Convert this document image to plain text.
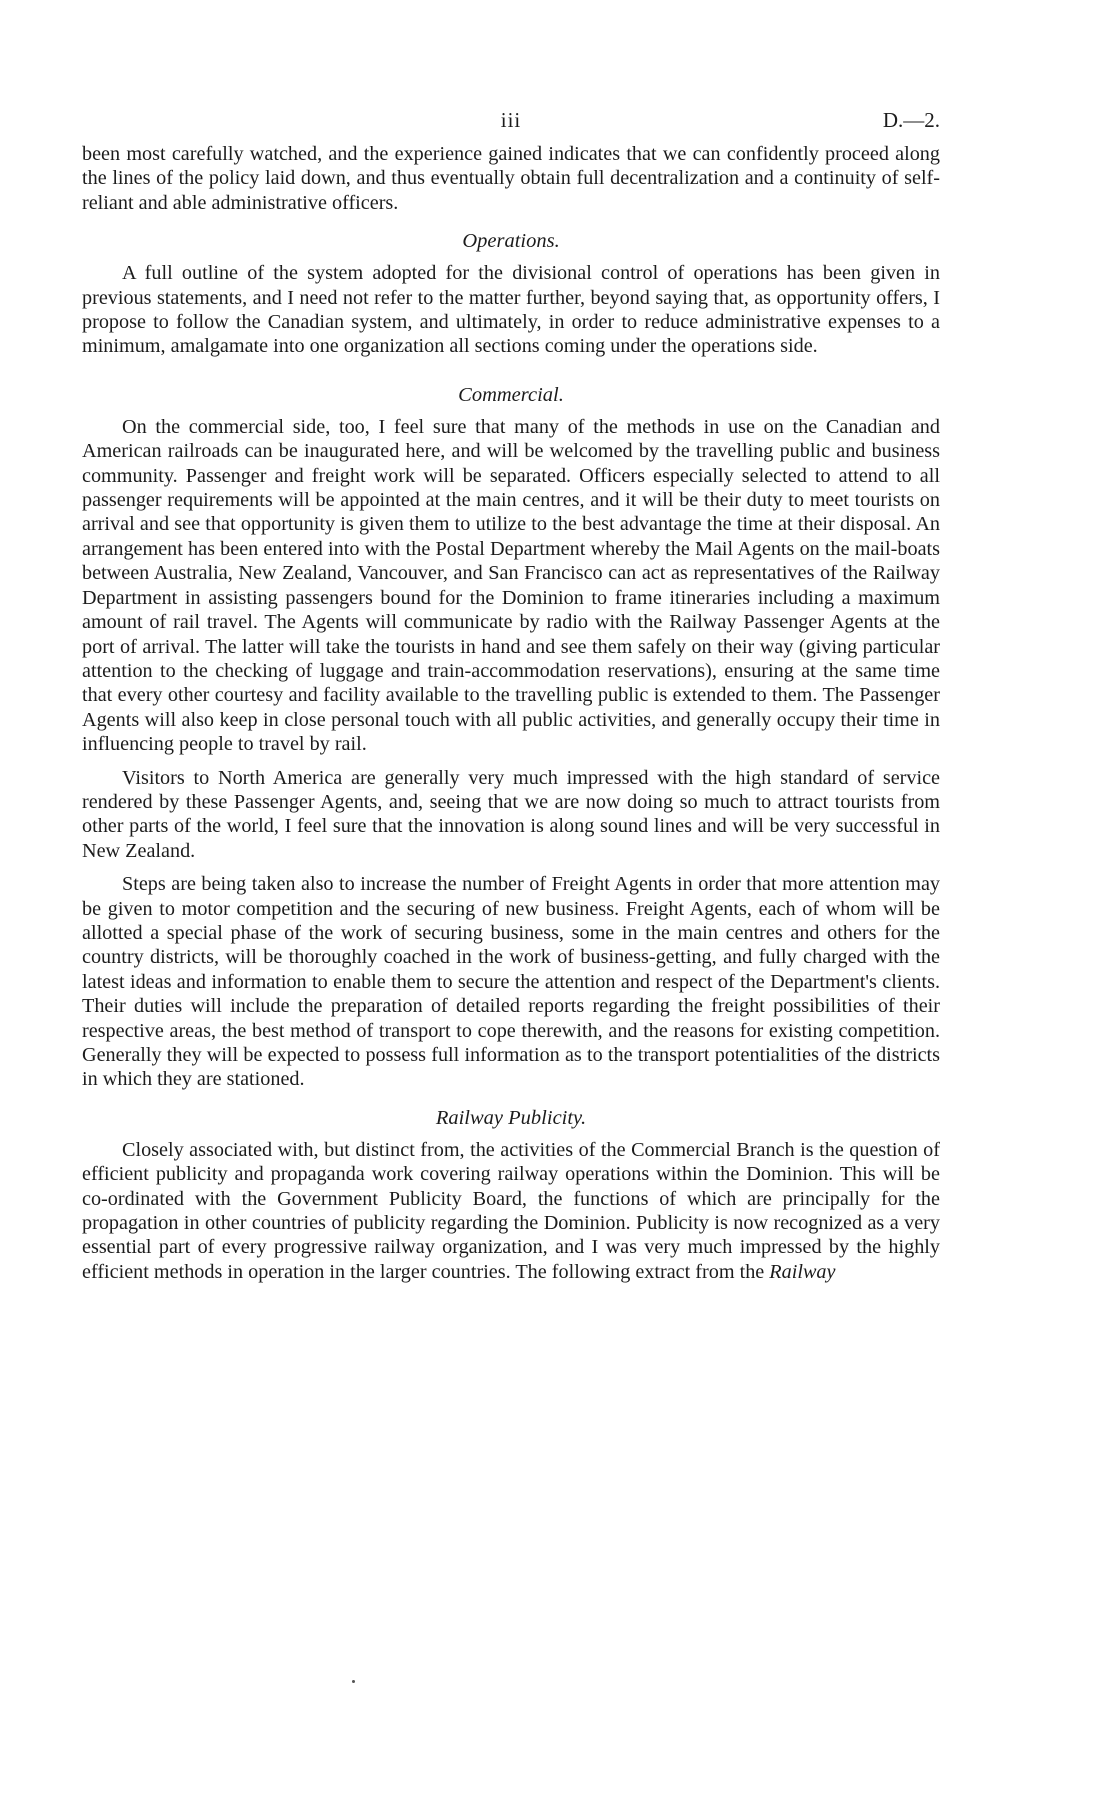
iii	D.—2.

been most carefully watched, and the experience gained indicates that we can confidently proceed along the lines of the policy laid down, and thus eventually obtain full decentralization and a continuity of self-reliant and able administrative officers.

Operations.

A full outline of the system adopted for the divisional control of operations has been given in previous statements, and I need not refer to the matter further, beyond saying that, as opportunity offers, I propose to follow the Canadian system, and ultimately, in order to reduce administrative expenses to a minimum, amalgamate into one organization all sections coming under the operations side.

Commercial.

On the commercial side, too, I feel sure that many of the methods in use on the Canadian and American railroads can be inaugurated here, and will be welcomed by the travelling public and business community. Passenger and freight work will be separated. Officers especially selected to attend to all passenger requirements will be appointed at the main centres, and it will be their duty to meet tourists on arrival and see that opportunity is given them to utilize to the best advantage the time at their disposal. An arrangement has been entered into with the Postal Department whereby the Mail Agents on the mail-boats between Australia, New Zealand, Vancouver, and San Francisco can act as representatives of the Railway Department in assisting passengers bound for the Dominion to frame itineraries including a maximum amount of rail travel. The Agents will communicate by radio with the Railway Passenger Agents at the port of arrival. The latter will take the tourists in hand and see them safely on their way (giving particular attention to the checking of luggage and train-accommodation reservations), ensuring at the same time that every other courtesy and facility available to the travelling public is extended to them. The Passenger Agents will also keep in close personal touch with all public activities, and generally occupy their time in influencing people to travel by rail.

Visitors to North America are generally very much impressed with the high standard of service rendered by these Passenger Agents, and, seeing that we are now doing so much to attract tourists from other parts of the world, I feel sure that the innovation is along sound lines and will be very successful in New Zealand.

Steps are being taken also to increase the number of Freight Agents in order that more attention may be given to motor competition and the securing of new business. Freight Agents, each of whom will be allotted a special phase of the work of securing business, some in the main centres and others for the country districts, will be thoroughly coached in the work of business-getting, and fully charged with the latest ideas and information to enable them to secure the attention and respect of the Department's clients. Their duties will include the preparation of detailed reports regarding the freight possibilities of their respective areas, the best method of transport to cope therewith, and the reasons for existing competition. Generally they will be expected to possess full information as to the transport potentialities of the districts in which they are stationed.

Railway Publicity.

Closely associated with, but distinct from, the activities of the Commercial Branch is the question of efficient publicity and propaganda work covering railway operations within the Dominion. This will be co-ordinated with the Government Publicity Board, the functions of which are principally for the propagation in other countries of publicity regarding the Dominion. Publicity is now recognized as a very essential part of every progressive railway organization, and I was very much impressed by the highly efficient methods in operation in the larger countries. The following extract from the Railway
